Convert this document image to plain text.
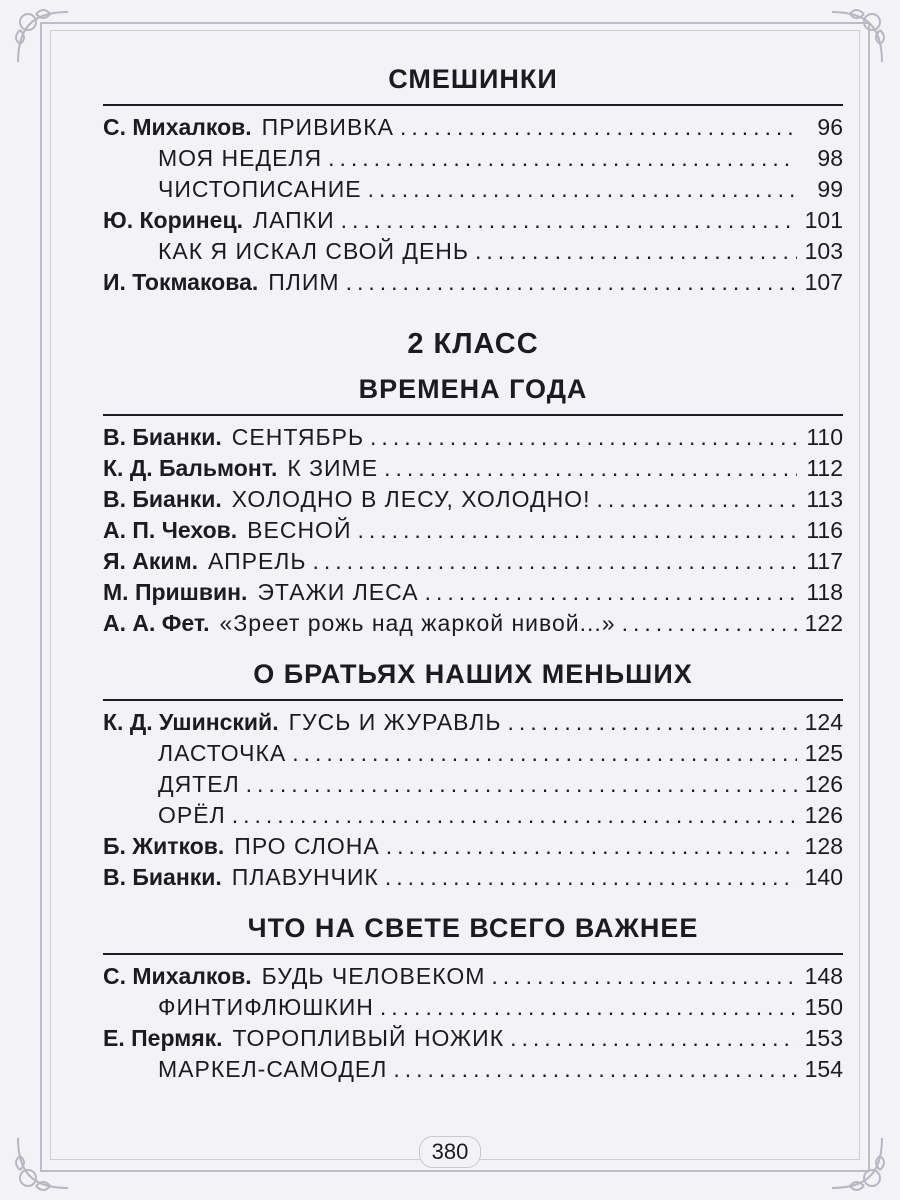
СМЕШИНКИ
С. Михалков. ПРИВИВКА .....	96
МОЯ НЕДЕЛЯ .....	98
ЧИСТОПИСАНИЕ .....	99
Ю. Коринец. ЛАПКИ .....	101
КАК Я ИСКАЛ СВОЙ ДЕНЬ .....	103
И. Токмакова. ПЛИМ .....	107
2 КЛАСС
ВРЕМЕНА ГОДА
В. Бианки. СЕНТЯБРЬ .....	110
К. Д. Бальмонт. К ЗИМЕ .....	112
В. Бианки. ХОЛОДНО В ЛЕСУ, ХОЛОДНО! .....	113
А. П. Чехов. ВЕСНОЙ .....	116
Я. Аким. АПРЕЛЬ .....	117
М. Пришвин. ЭТАЖИ ЛЕСА .....	118
А. А. Фет. «Зреет рожь над жаркой нивой...» .....	122
О БРАТЬЯХ НАШИХ МЕНЬШИХ
К. Д. Ушинский. ГУСЬ И ЖУРАВЛЬ .....	124
ЛАСТОЧКА .....	125
ДЯТЕЛ .....	126
ОРЁЛ .....	126
Б. Житков. ПРО СЛОНА .....	128
В. Бианки. ПЛАВУНЧИК .....	140
ЧТО НА СВЕТЕ ВСЕГО ВАЖНЕЕ
С. Михалков. БУДЬ ЧЕЛОВЕКОМ .....	148
ФИНТИФЛЮШКИН .....	150
Е. Пермяк. ТОРОПЛИВЫЙ НОЖИК .....	153
МАРКЕЛ-САМОДЕЛ .....	154
380
